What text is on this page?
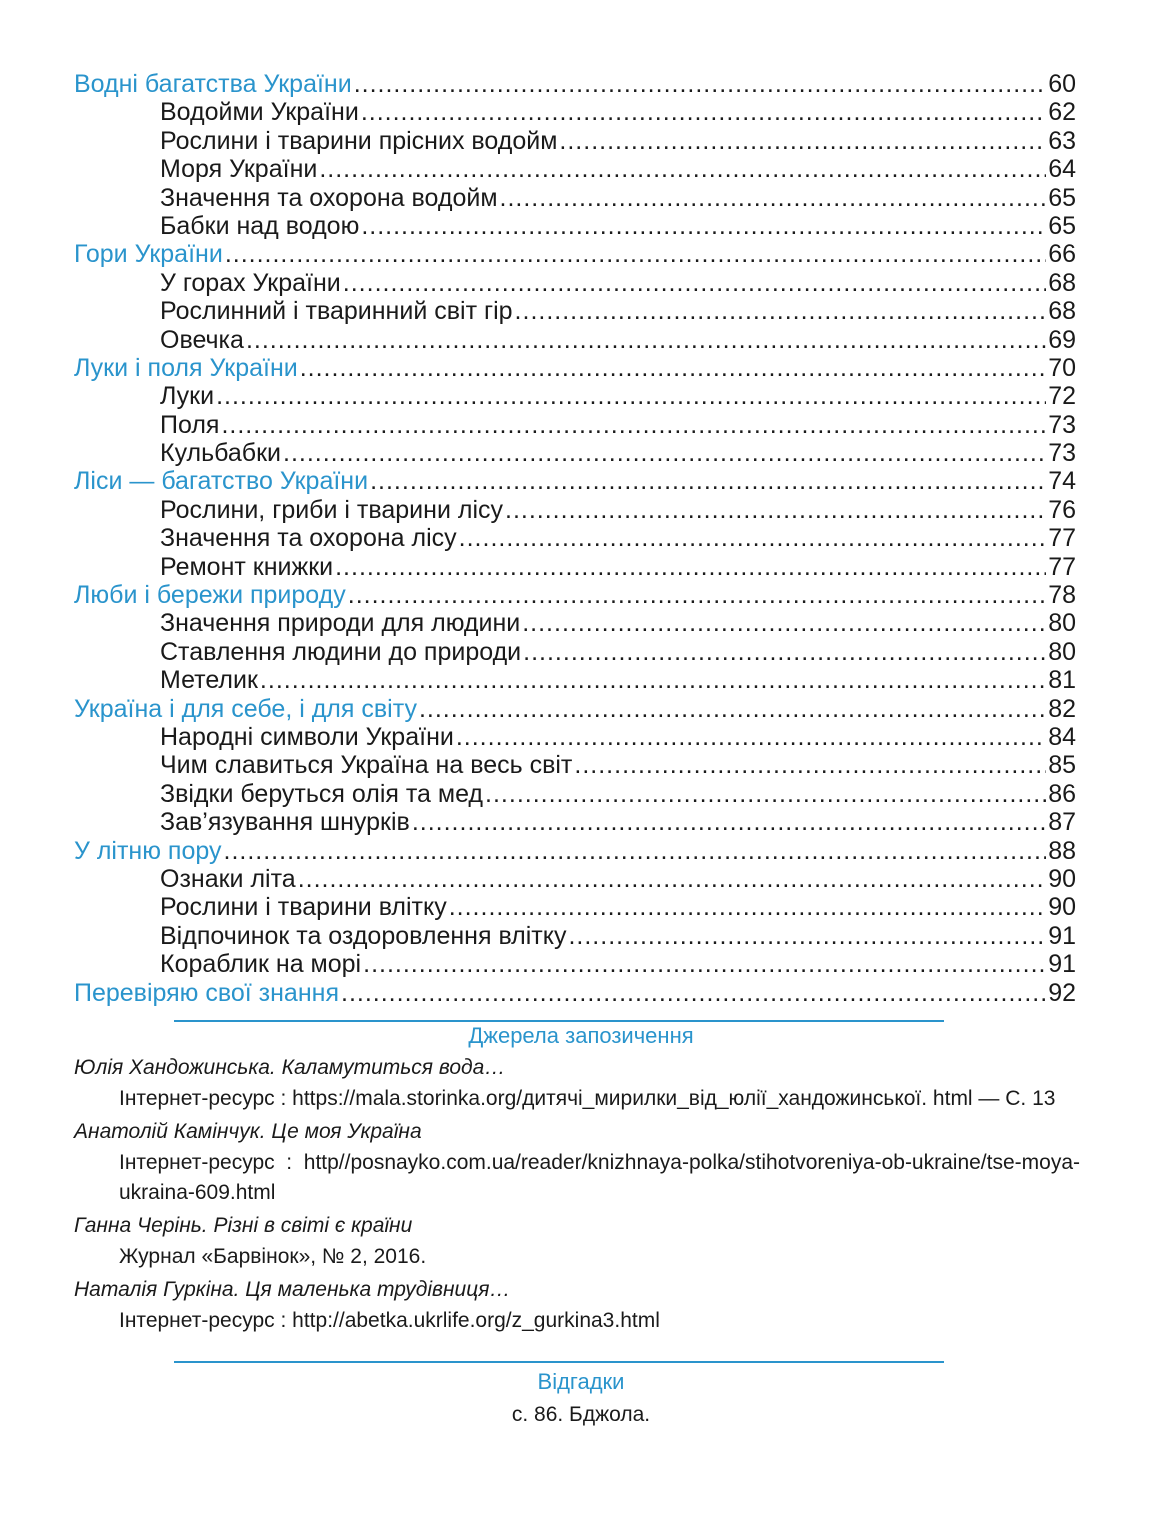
Водні багатства України .....	60
Водойми України .....	62
Рослини і тварини прісних водойм .....	63
Моря України .....	64
Значення та охорона водойм .....	65
Бабки над водою .....	65
Гори України .....	66
У горах України .....	68
Рослинний і тваринний світ гір .....	68
Овечка .....	69
Луки і поля України .....	70
Луки .....	72
Поля .....	73
Кульбабки .....	73
Ліси — багатство України .....	74
Рослини, гриби і тварини лісу .....	76
Значення та охорона лісу .....	77
Ремонт книжки .....	77
Люби і бережи природу .....	78
Значення природи для людини .....	80
Ставлення людини до природи .....	80
Метелик .....	81
Україна і для себе, і для світу .....	82
Народні символи України .....	84
Чим славиться Україна на весь світ .....	85
Звідки беруться олія та мед .....	86
Зав’язування шнурків .....	87
У літню пору .....	88
Ознаки літа .....	90
Рослини і тварини влітку .....	90
Відпочинок та оздоровлення влітку .....	91
Кораблик на морі .....	91
Перевіряю свої знання .....	92
Джерела запозичення
Юлія Хандожинська. Каламутиться вода…
Інтернет-ресурс : https://mala.storinka.org/дитячі_мирилки_від_юлії_хандожинської. html — С. 13
Анатолій Камінчук. Це моя Україна
Інтернет-ресурс : http//posnayko.com.ua/reader/knizhnaya-polka/stihotvoreniya-ob-ukraine/tse-moya-ukraina-609.html
Ганна Черінь. Різні в світі є країни
Журнал «Барвінок», № 2, 2016.
Наталія Гуркіна. Ця маленька трудівниця…
Інтернет-ресурс : http://abetka.ukrlife.org/z_gurkina3.html
Відгадки
с. 86. Бджола.
